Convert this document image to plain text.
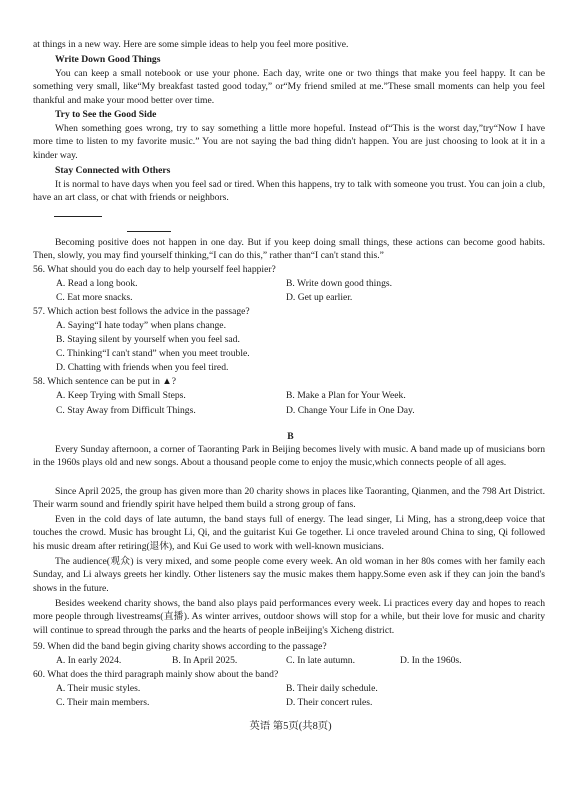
at things in a new way. Here are some simple ideas to help you feel more positive.

Write Down Good Things

You can keep a small notebook or use your phone. Each day, write one or two things that make you feel happy. It can be something very small, like“My breakfast tasted good today,” or“My friend smiled at me.”These small moments can help you feel thankful and make your mood better over time.

Try to See the Good Side

When something goes wrong, try to say something a little more hopeful. Instead of“This is the worst day,”try“Now I have more time to listen to my favorite music.” You are not saying the bad thing didn't happen. You are just choosing to look at it in a kinder way.

Stay Connected with Others

It is normal to have days when you feel sad or tired. When this happens, try to talk with someone you trust. You can join a club, have an art class, or chat with friends or neighbors.

Becoming positive does not happen in one day. But if you keep doing small things, these actions can become good habits. Then, slowly, you may find yourself thinking,“I can do this,” rather than“I can't stand this.”

56. What should you do each day to help yourself feel happier?

A. Read a long book.	B. Write down good things.

C. Eat more snacks.	D. Get up earlier.

57. Which action best follows the advice in the passage?

A. Saying“I hate today” when plans change.

B. Staying silent by yourself when you feel sad.

C. Thinking“I can't stand” when you meet trouble.

D. Chatting with friends when you feel tired.

58. Which sentence can be put in ▲?

A. Keep Trying with Small Steps.	B. Make a Plan for Your Week.

C. Stay Away from Difficult Things.	D. Change Your Life in One Day.

B

Every Sunday afternoon, a corner of Taoranting Park in Beijing becomes lively with music. A band made up of musicians born in the 1960s plays old and new songs. About a thousand people come to enjoy the music,which connects people of all ages.

Since April 2025, the group has given more than 20 charity shows in places like Taoranting, Qianmen, and the 798 Art District. Their warm sound and friendly spirit have helped them build a strong group of fans.

Even in the cold days of late autumn, the band stays full of energy. The lead singer, Li Ming, has a strong,deep voice that touches the crowd. Music has brought Li, Qi, and the guitarist Kui Ge together. Li once traveled around China to sing, Qi followed his music dream after retiring(退休), and Kui Ge used to work with well-known musicians.

The audience(观众) is very mixed, and some people come every week. An old woman in her 80s comes with her family each Sunday, and Li always greets her kindly. Other listeners say the music makes them happy.Some even ask if they can join the band's shows in the future.

Besides weekend charity shows, the band also plays paid performances every week. Li practices every day and hopes to reach more people through livestreams(直播). As winter arrives, outdoor shows will stop for a while, but their love for music and charity will continue to spread through the parks and the hearts of people inBeijing's Xicheng district.

59. When did the band begin giving charity shows according to the passage?

A. In early 2024.	B. In April 2025.	C. In late autumn.	D. In the 1960s.

60. What does the third paragraph mainly show about the band?

A. Their music styles.	B. Their daily schedule.

C. Their main members.	D. Their concert rules.

英语 第5页(共8页)
